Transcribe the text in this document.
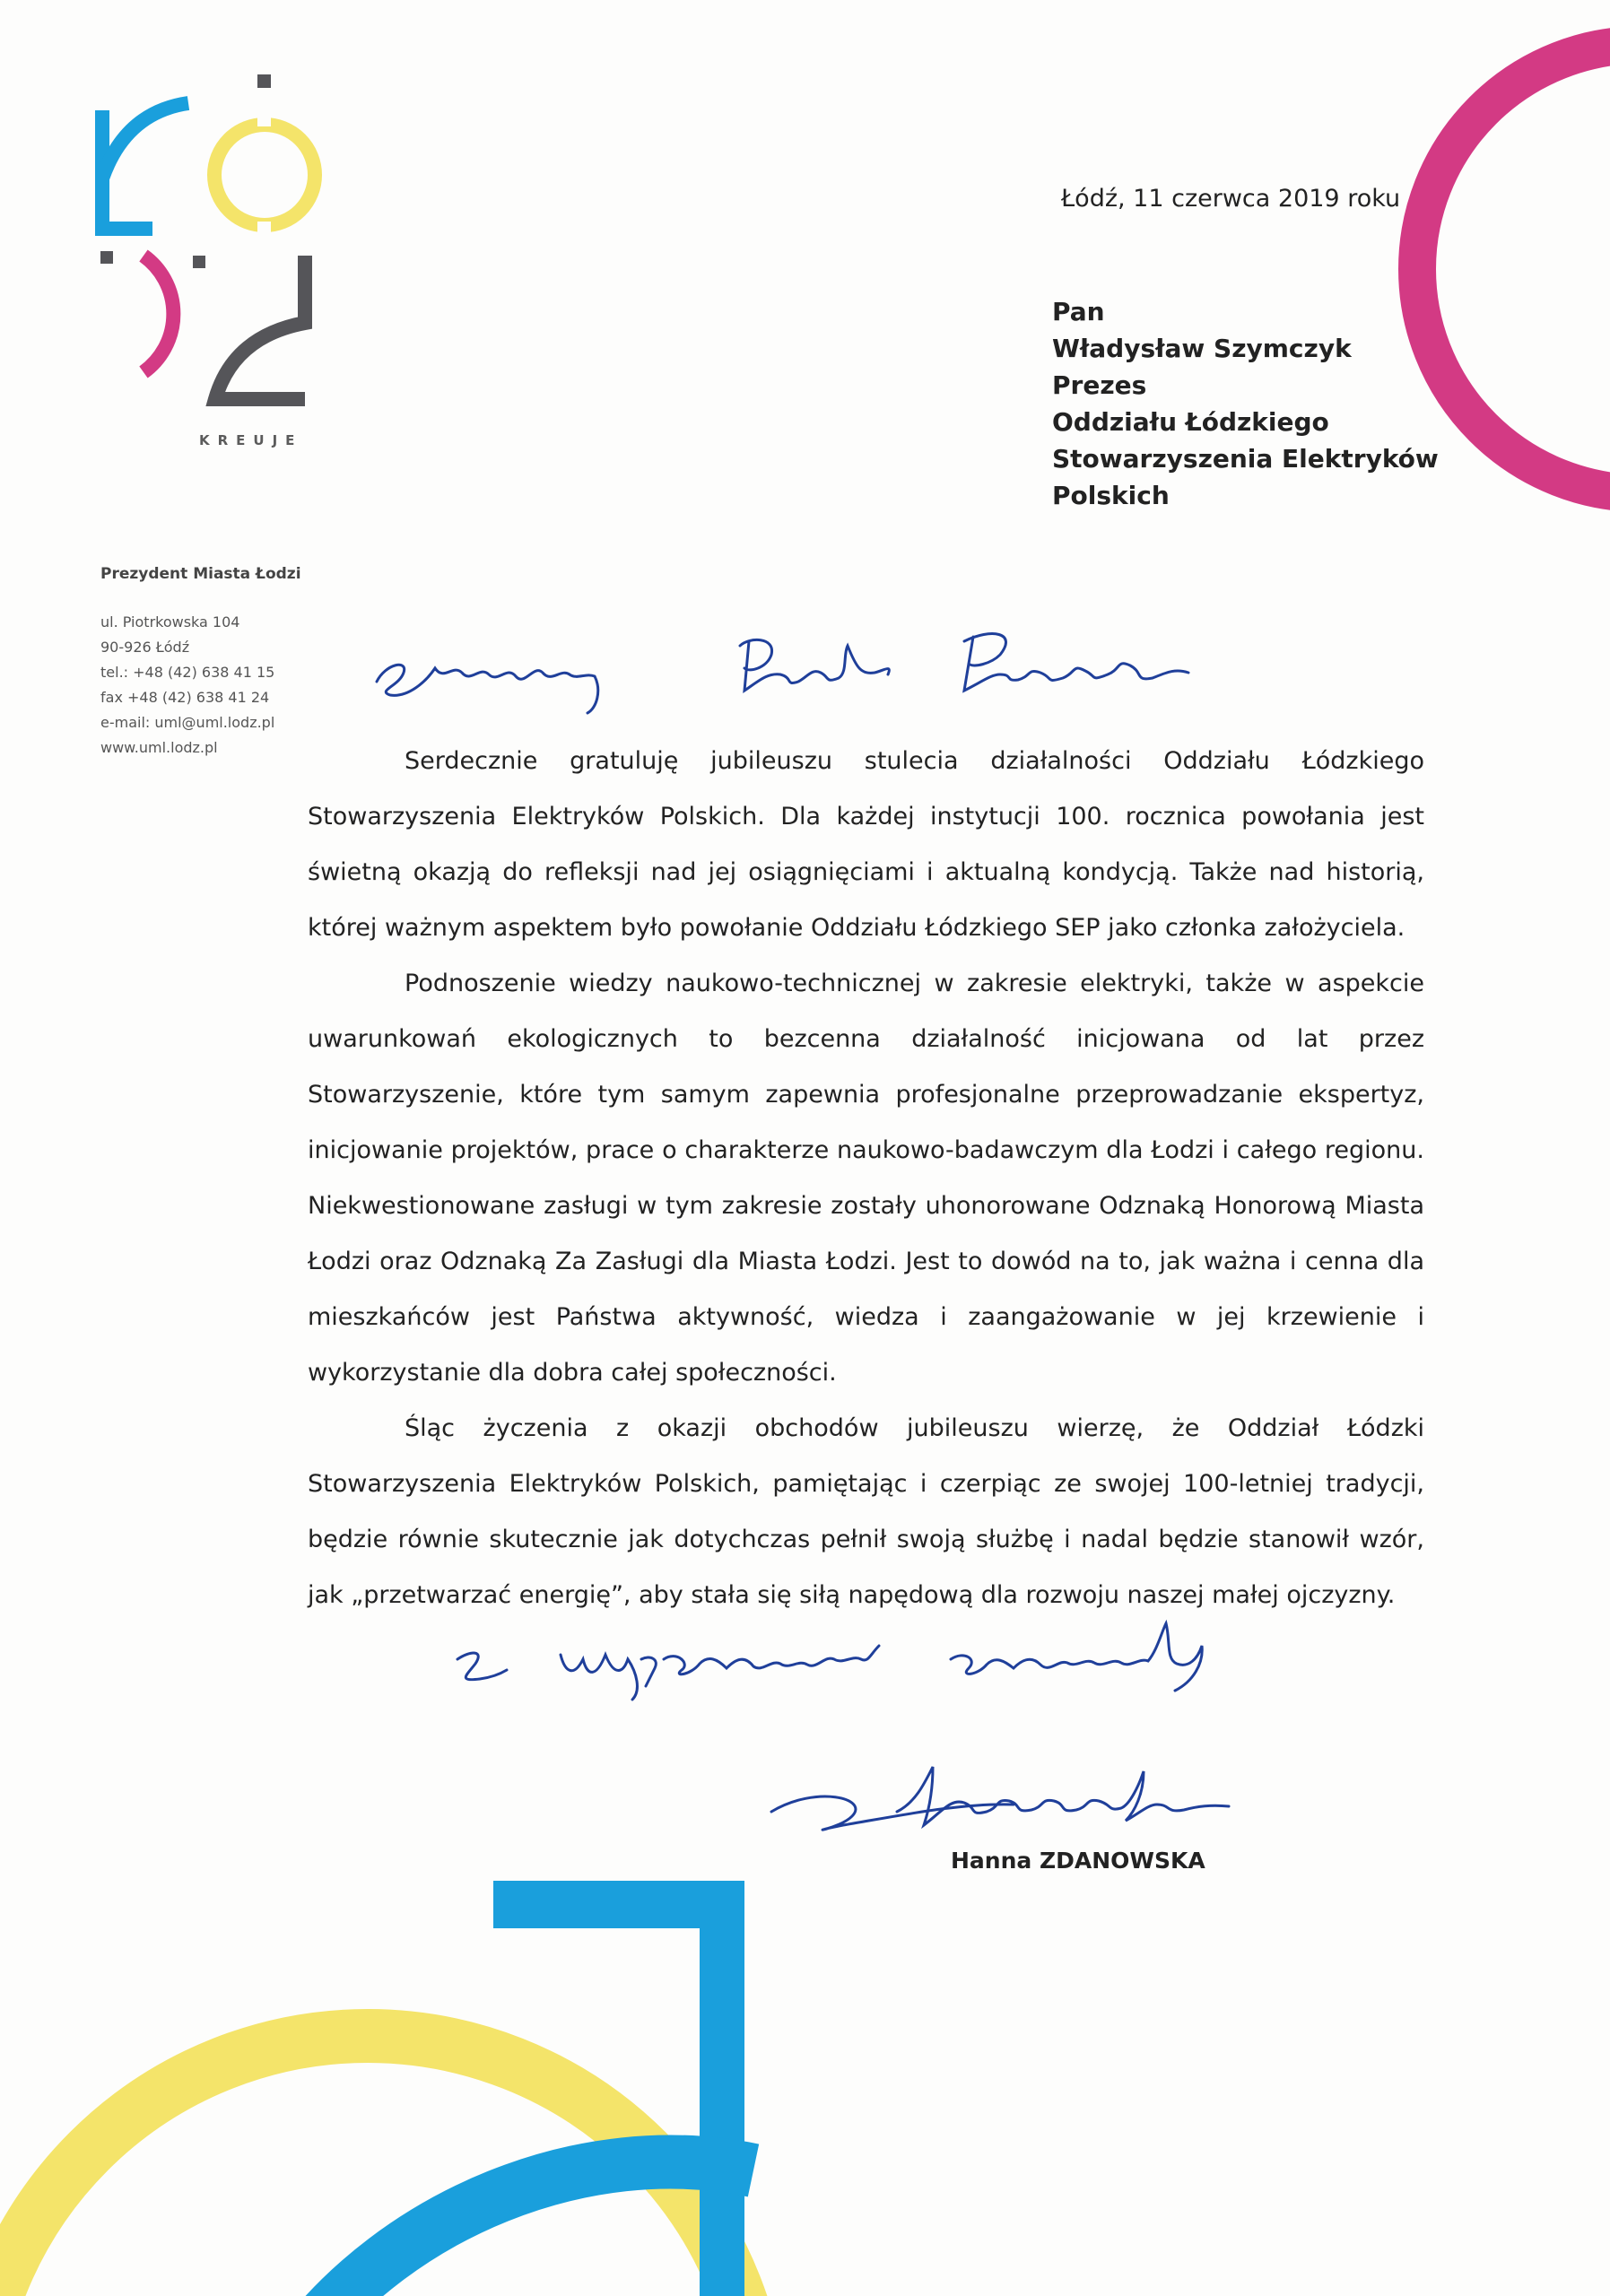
KREUJE
Prezydent Miasta Łodzi
ul. Piotrkowska 104
90-926 Łódź
tel.: +48 (42) 638 41 15
fax +48 (42) 638 41 24
e-mail: uml@uml.lodz.pl
www.uml.lodz.pl
Łódź, 11 czerwca 2019 roku
Pan
Władysław Szymczyk
Prezes
Oddziału Łódzkiego
Stowarzyszenia Elektryków
Polskich

Serdecznie gratuluję jubileuszu stulecia działalności Oddziału Łódzkiego Stowarzyszenia Elektryków Polskich. Dla każdej instytucji 100. rocznica powołania jest świetną okazją do refleksji nad jej osiągnięciami i aktualną kondycją. Także nad historią, której ważnym aspektem było powołanie Oddziału Łódzkiego SEP jako członka założyciela.

Podnoszenie wiedzy naukowo-technicznej w zakresie elektryki, także w aspekcie uwarunkowań ekologicznych to bezcenna działalność inicjowana od lat przez Stowarzyszenie, które tym samym zapewnia profesjonalne przeprowadzanie ekspertyz, inicjowanie projektów, prace o charakterze naukowo-badawczym dla Łodzi i całego regionu. Niekwestionowane zasługi w tym zakresie zostały uhonorowane Odznaką Honorową Miasta Łodzi oraz Odznaką Za Zasługi dla Miasta Łodzi. Jest to dowód na to, jak ważna i cenna dla mieszkańców jest Państwa aktywność, wiedza i zaangażowanie w jej krzewienie i wykorzystanie dla dobra całej społeczności.

Śląc życzenia z okazji obchodów jubileuszu wierzę, że Oddział Łódzki Stowarzyszenia Elektryków Polskich, pamiętając i czerpiąc ze swojej 100-letniej tradycji, będzie równie skutecznie jak dotychczas pełnił swoją służbę i nadal będzie stanowił wzór, jak „przetwarzać energię”, aby stała się siłą napędową dla rozwoju naszej małej ojczyzny.

Hanna ZDANOWSKA
